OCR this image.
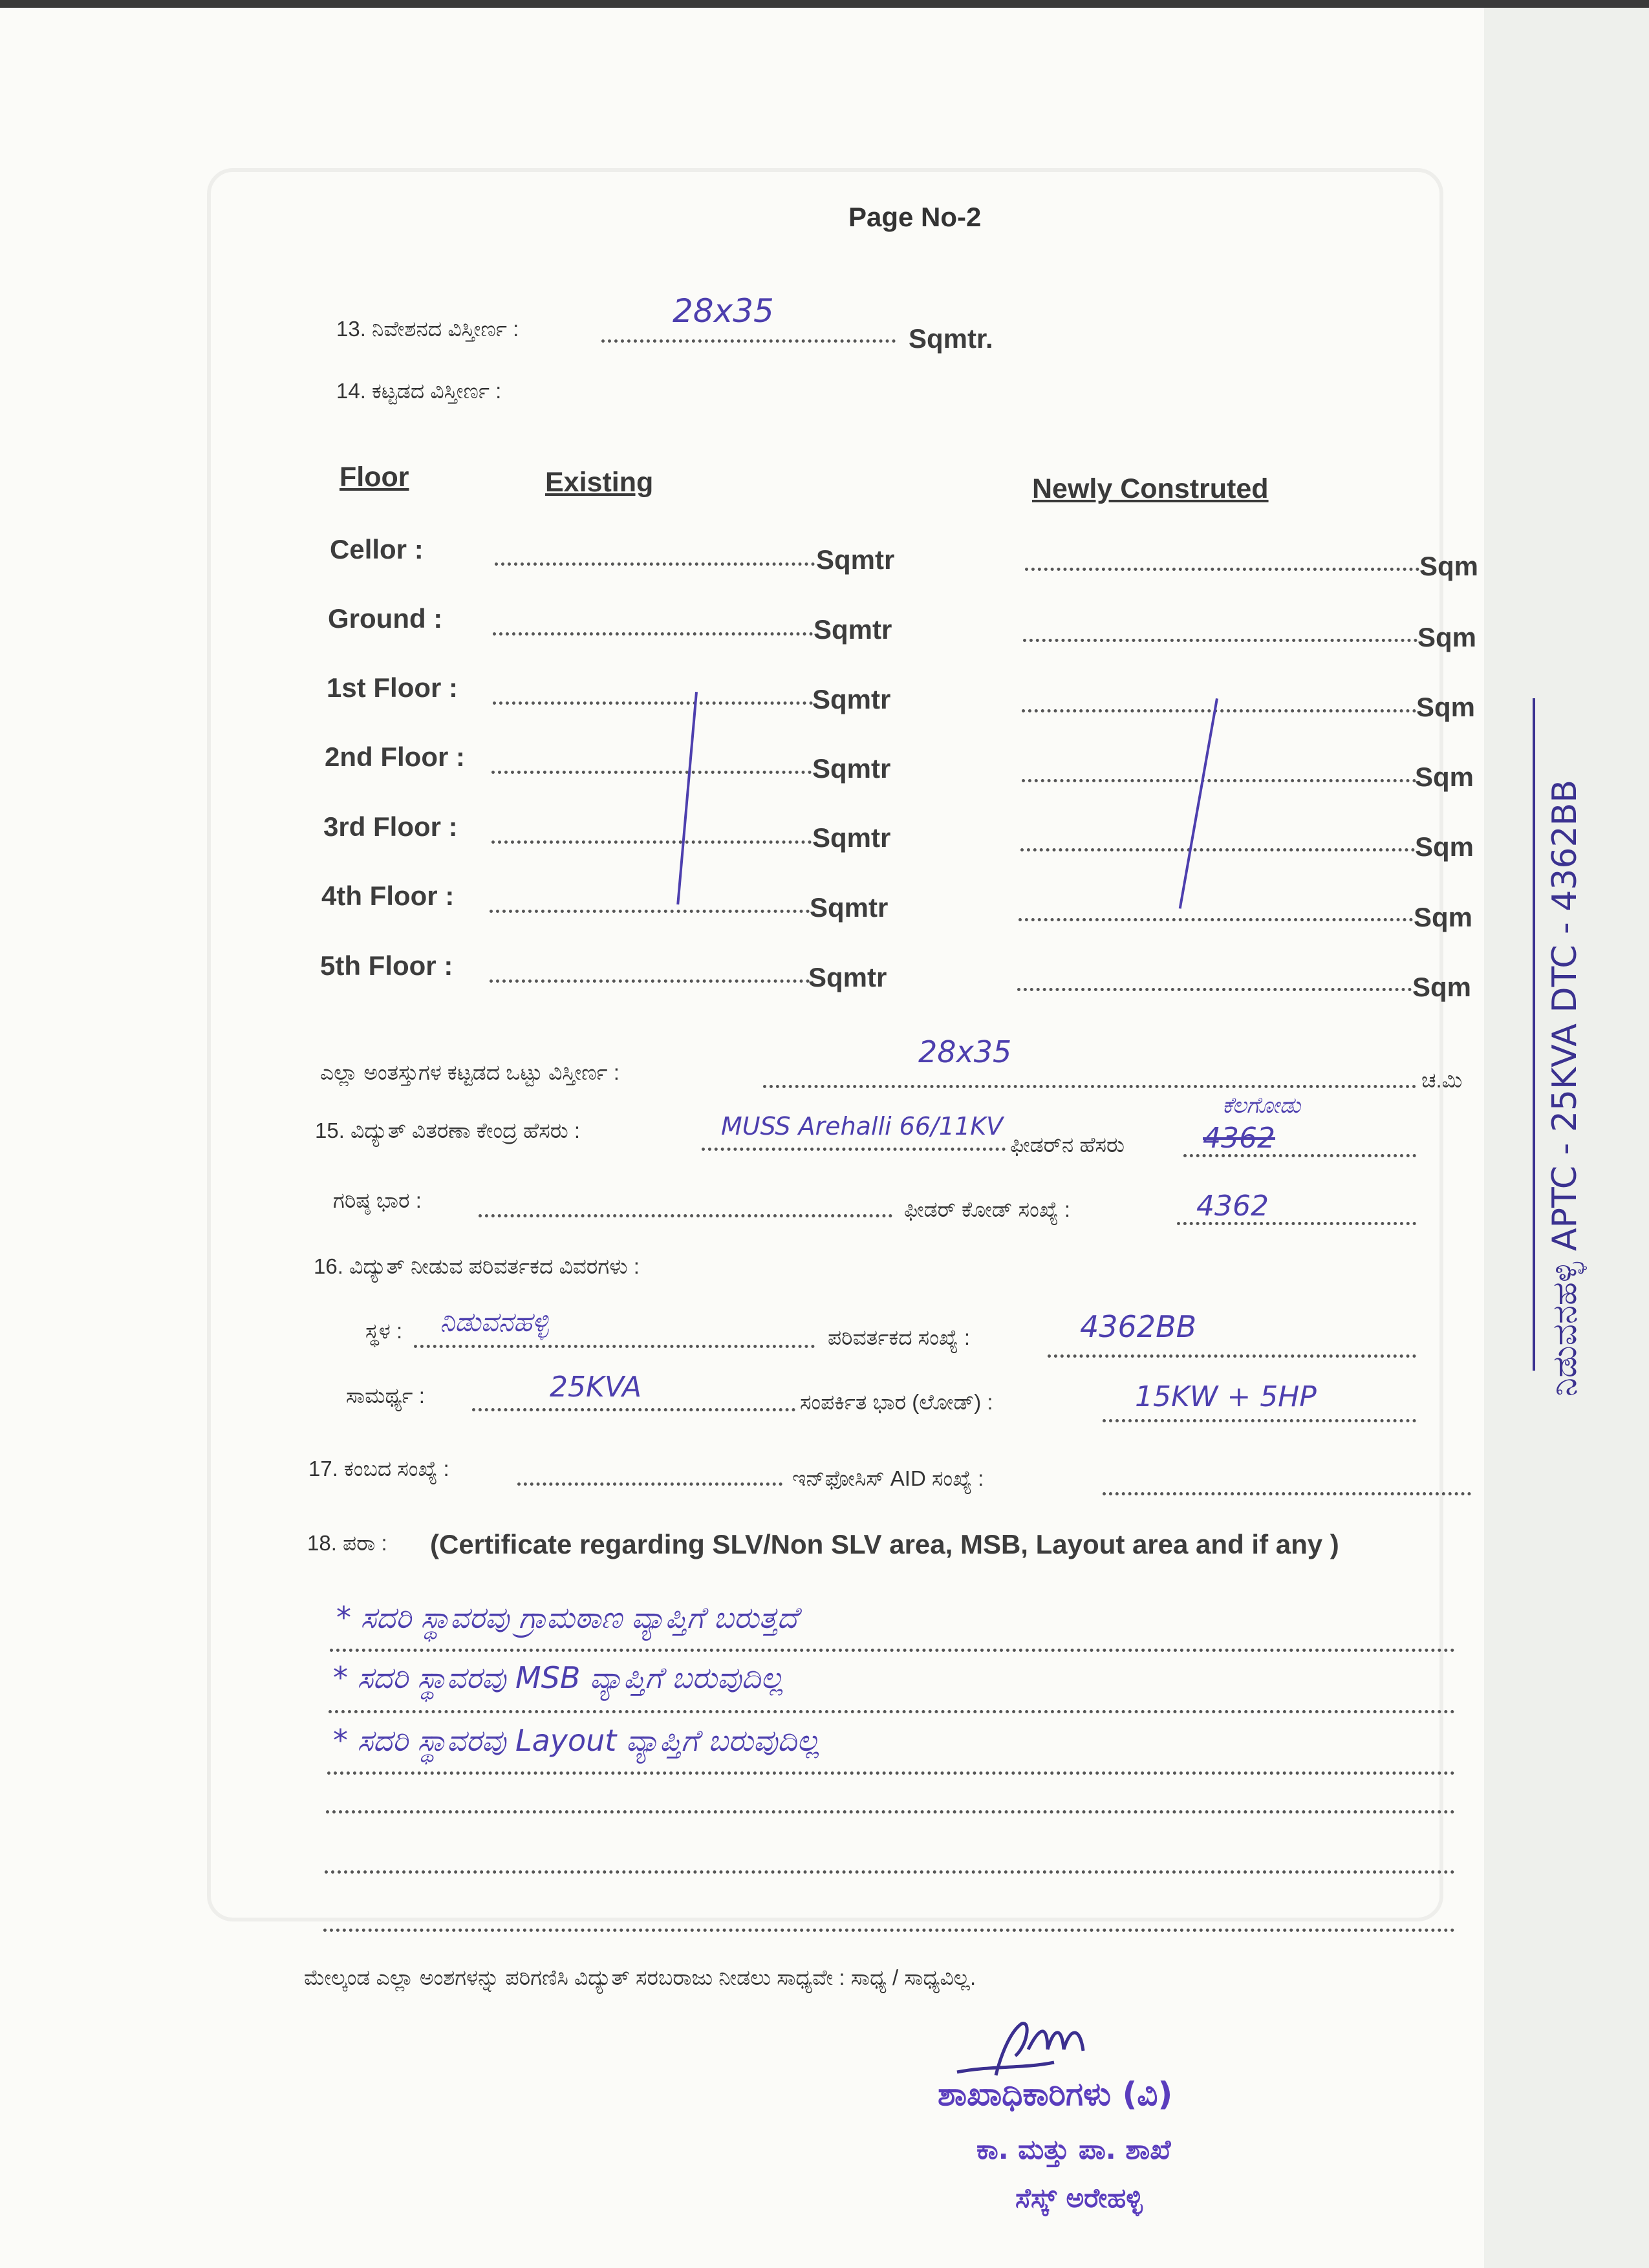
Page No-2
13. ನಿವೇಶನದ ವಿಸ್ತೀರ್ಣ :	28x35
Sqmtr.
14. ಕಟ್ಟಡದ ವಿಸ್ತೀರ್ಣ :
Floor	Existing	Newly Construted
Cellor :	Sqmtr	Sqm
Ground :	Sqmtr	Sqm
1st Floor :	Sqmtr	Sqm
2nd Floor :	Sqmtr	Sqm
3rd Floor :	Sqmtr	Sqm
4th Floor :	Sqmtr	Sqm
5th Floor :	Sqmtr	Sqm
ಎಲ್ಲಾ ಅಂತಸ್ತುಗಳ ಕಟ್ಟಡದ ಒಟ್ಟು ವಿಸ್ತೀರ್ಣ :
28x35
ಚ.ಮಿ
15. ವಿದ್ಯುತ್ ವಿತರಣಾ ಕೇಂದ್ರ ಹೆಸರು :	MUSS Arehalli 66/11KV
ಫೀಡರ್‌ನ ಹೆಸರು
ಕೆಲಗೋಡು
4362
ಗರಿಷ್ಠ ಭಾರ :	ಫೀಡರ್ ಕೋಡ್ ಸಂಖ್ಯೆ :	4362
16. ವಿದ್ಯುತ್ ನೀಡುವ ಪರಿವರ್ತಕದ ವಿವರಗಳು :
ಸ್ಥಳ : ನಿಡುವನಹಳ್ಳಿ	ಪರಿವರ್ತಕದ ಸಂಖ್ಯೆ :	4362BB
ಸಾಮರ್ಥ್ಯ :	25KVA	ಸಂಪರ್ಕಿತ ಭಾರ (ಲೋಡ್) :	15KW + 5HP
17. ಕಂಬದ ಸಂಖ್ಯೆ :	ಇನ್‌ಫೋಸಿಸ್ AID ಸಂಖ್ಯೆ :
18. ಪರಾ : (Certificate regarding SLV/Non SLV area, MSB, Layout area and if any )
* ಸದರಿ ಸ್ಥಾವರವು ಗ್ರಾಮಠಾಣ ವ್ಯಾಪ್ತಿಗೆ ಬರುತ್ತದೆ
* ಸದರಿ ಸ್ಥಾವರವು MSB ವ್ಯಾಪ್ತಿಗೆ ಬರುವುದಿಲ್ಲ
* ಸದರಿ ಸ್ಥಾವರವು Layout ವ್ಯಾಪ್ತಿಗೆ ಬರುವುದಿಲ್ಲ
ಮೇಲ್ಕಂಡ ಎಲ್ಲಾ ಅಂಶಗಳನ್ನು ಪರಿಗಣಿಸಿ ವಿದ್ಯುತ್ ಸರಬರಾಜು ನೀಡಲು ಸಾಧ್ಯವೇ : ಸಾಧ್ಯ / ಸಾಧ್ಯವಿಲ್ಲ.
ಶಾಖಾಧಿಕಾರಿಗಳು (ವಿ)
ಕಾ. ಮತ್ತು ಪಾ. ಶಾಖೆ
ಸೆಸ್ಕ್ ಅರೇಹಳ್ಳಿ
ನಿಡುವನಹಳ್ಳಿ APTC - 25KVA DTC - 4362BB
